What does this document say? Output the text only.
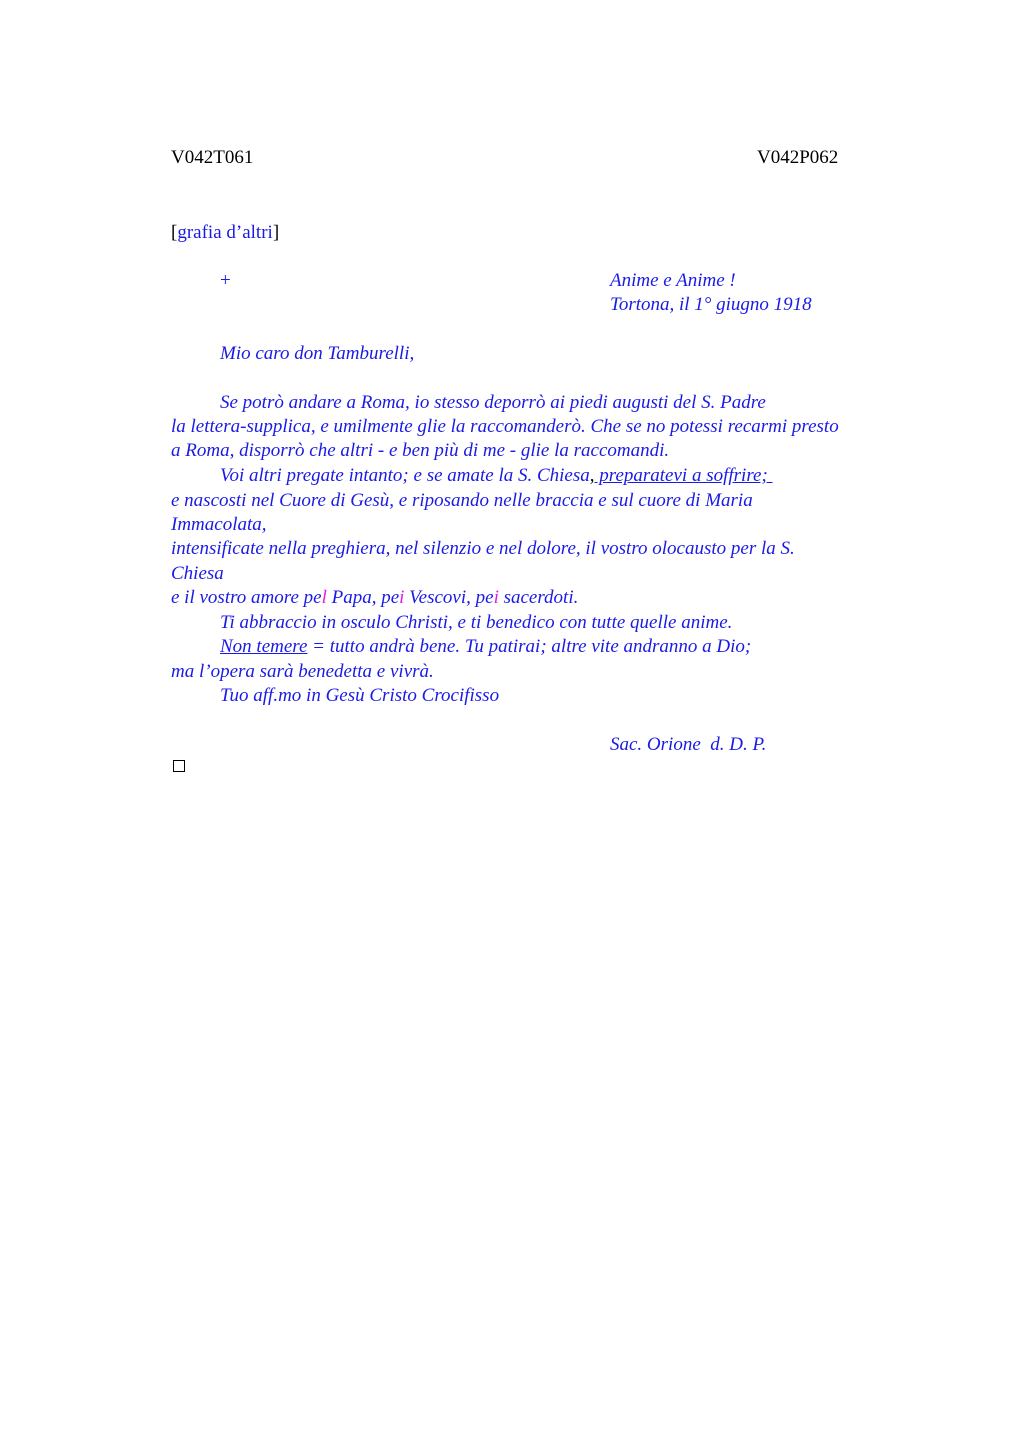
V042T061	V042P062
[grafia d’altri]
+	Anime e Anime !
Tortona, il 1° giugno 1918
Mio caro don Tamburelli,
Se potrò andare a Roma, io stesso deporrò ai piedi augusti del S. Padre
la lettera-supplica, e umilmente glie la raccomanderò. Che se no potessi recarmi presto
a Roma, disporrò che altri - e ben più di me - glie la raccomandi.
Voi altri pregate intanto; e se amate la S. Chiesa, preparatevi a soffrire;
e nascosti nel Cuore di Gesù, e riposando nelle braccia e sul cuore di Maria
Immacolata,
intensificate nella preghiera, nel silenzio e nel dolore, il vostro olocausto per la S.
Chiesa
e il vostro amore pel Papa, pei Vescovi, pei sacerdoti.
Ti abbraccio in osculo Christi, e ti benedico con tutte quelle anime.
Non temere = tutto andrà bene. Tu patirai; altre vite andranno a Dio;
ma l’opera sarà benedetta e vivrà.
Tuo aff.mo in Gesù Cristo Crocifisso
Sac. Orione  d. D. P.
